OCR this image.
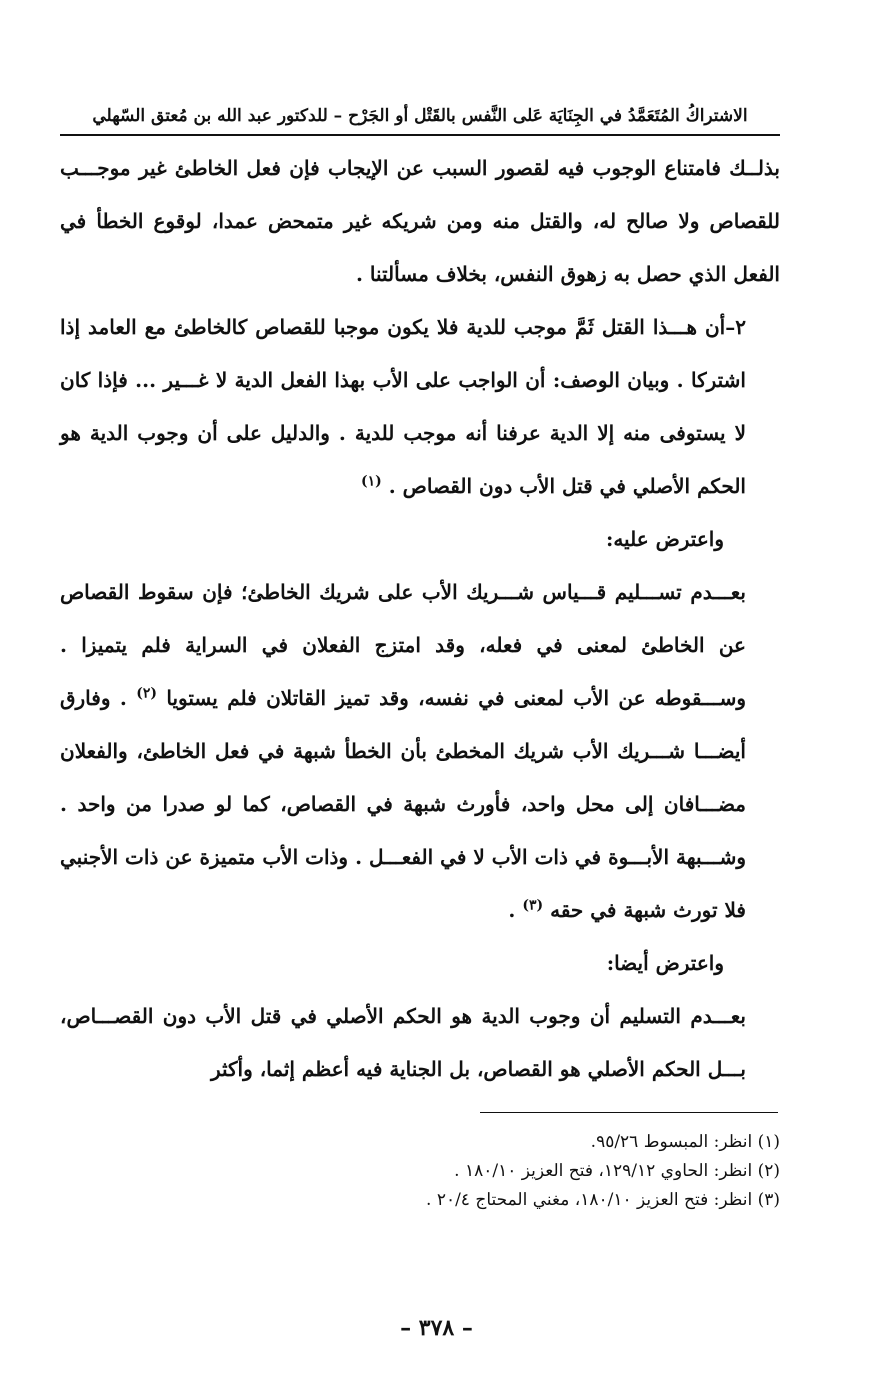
الاشتراكُ المُتَعَمَّدُ في الجِنَايَة عَلى النَّفس بالقَتْل أو الجَرْح – للدكتور عبد الله بن مُعتق السّهلي

بذلــك فامتناع الوجوب فيه لقصور السبب عن الإيجاب فإن فعل الخاطئ غير موجـــب للقصاص ولا صالح له، والقتل منه ومن شريكه غير متمحض عمدا، لوقوع الخطأ في الفعل الذي حصل به زهوق النفس، بخلاف مسألتنا .

٢–أن هـــذا القتل ثَمَّ موجب للدية فلا يكون موجبا للقصاص كالخاطئ مع العامد إذا اشتركا . وبيان الوصف: أن الواجب على الأب بهذا الفعل الدية لا غـــير ... فإذا كان لا يستوفى منه إلا الدية عرفنا أنه موجب للدية . والدليل على أن وجوب الدية هو الحكم الأصلي في قتل الأب دون القصاص . $^{(١)}$

واعترض عليه:

بعـــدم تســـليم قـــياس شـــريك الأب على شريك الخاطئ؛ فإن سقوط القصاص عن الخاطئ لمعنى في فعله، وقد امتزج الفعلان في السراية فلم يتميزا . وســـقوطه عن الأب لمعنى في نفسه، وقد تميز القاتلان فلم يستويا $^{(٢)}$ . وفارق أيضـــا شـــريك الأب شريك المخطئ بأن الخطأ شبهة في فعل الخاطئ، والفعلان مضـــافان إلى محل واحد، فأورث شبهة في القصاص، كما لو صدرا من واحد . وشـــبهة الأبـــوة في ذات الأب لا في الفعـــل . وذات الأب متميزة عن ذات الأجنبي فلا تورث شبهة في حقه $^{(٣)}$ .

واعترض أيضا:

بعـــدم التسليم أن وجوب الدية هو الحكم الأصلي في قتل الأب دون القصـــاص، بـــل الحكم الأصلي هو القصاص، بل الجناية فيه أعظم إثما، وأكثر

(١) انظر: المبسوط ٩٥/٢٦.

(٢) انظر: الحاوي ١٢٩/١٢، فتح العزيز ١٨٠/١٠ .

(٣) انظر: فتح العزيز ١٨٠/١٠، مغني المحتاج ٢٠/٤ .

– ٣٧٨ –
